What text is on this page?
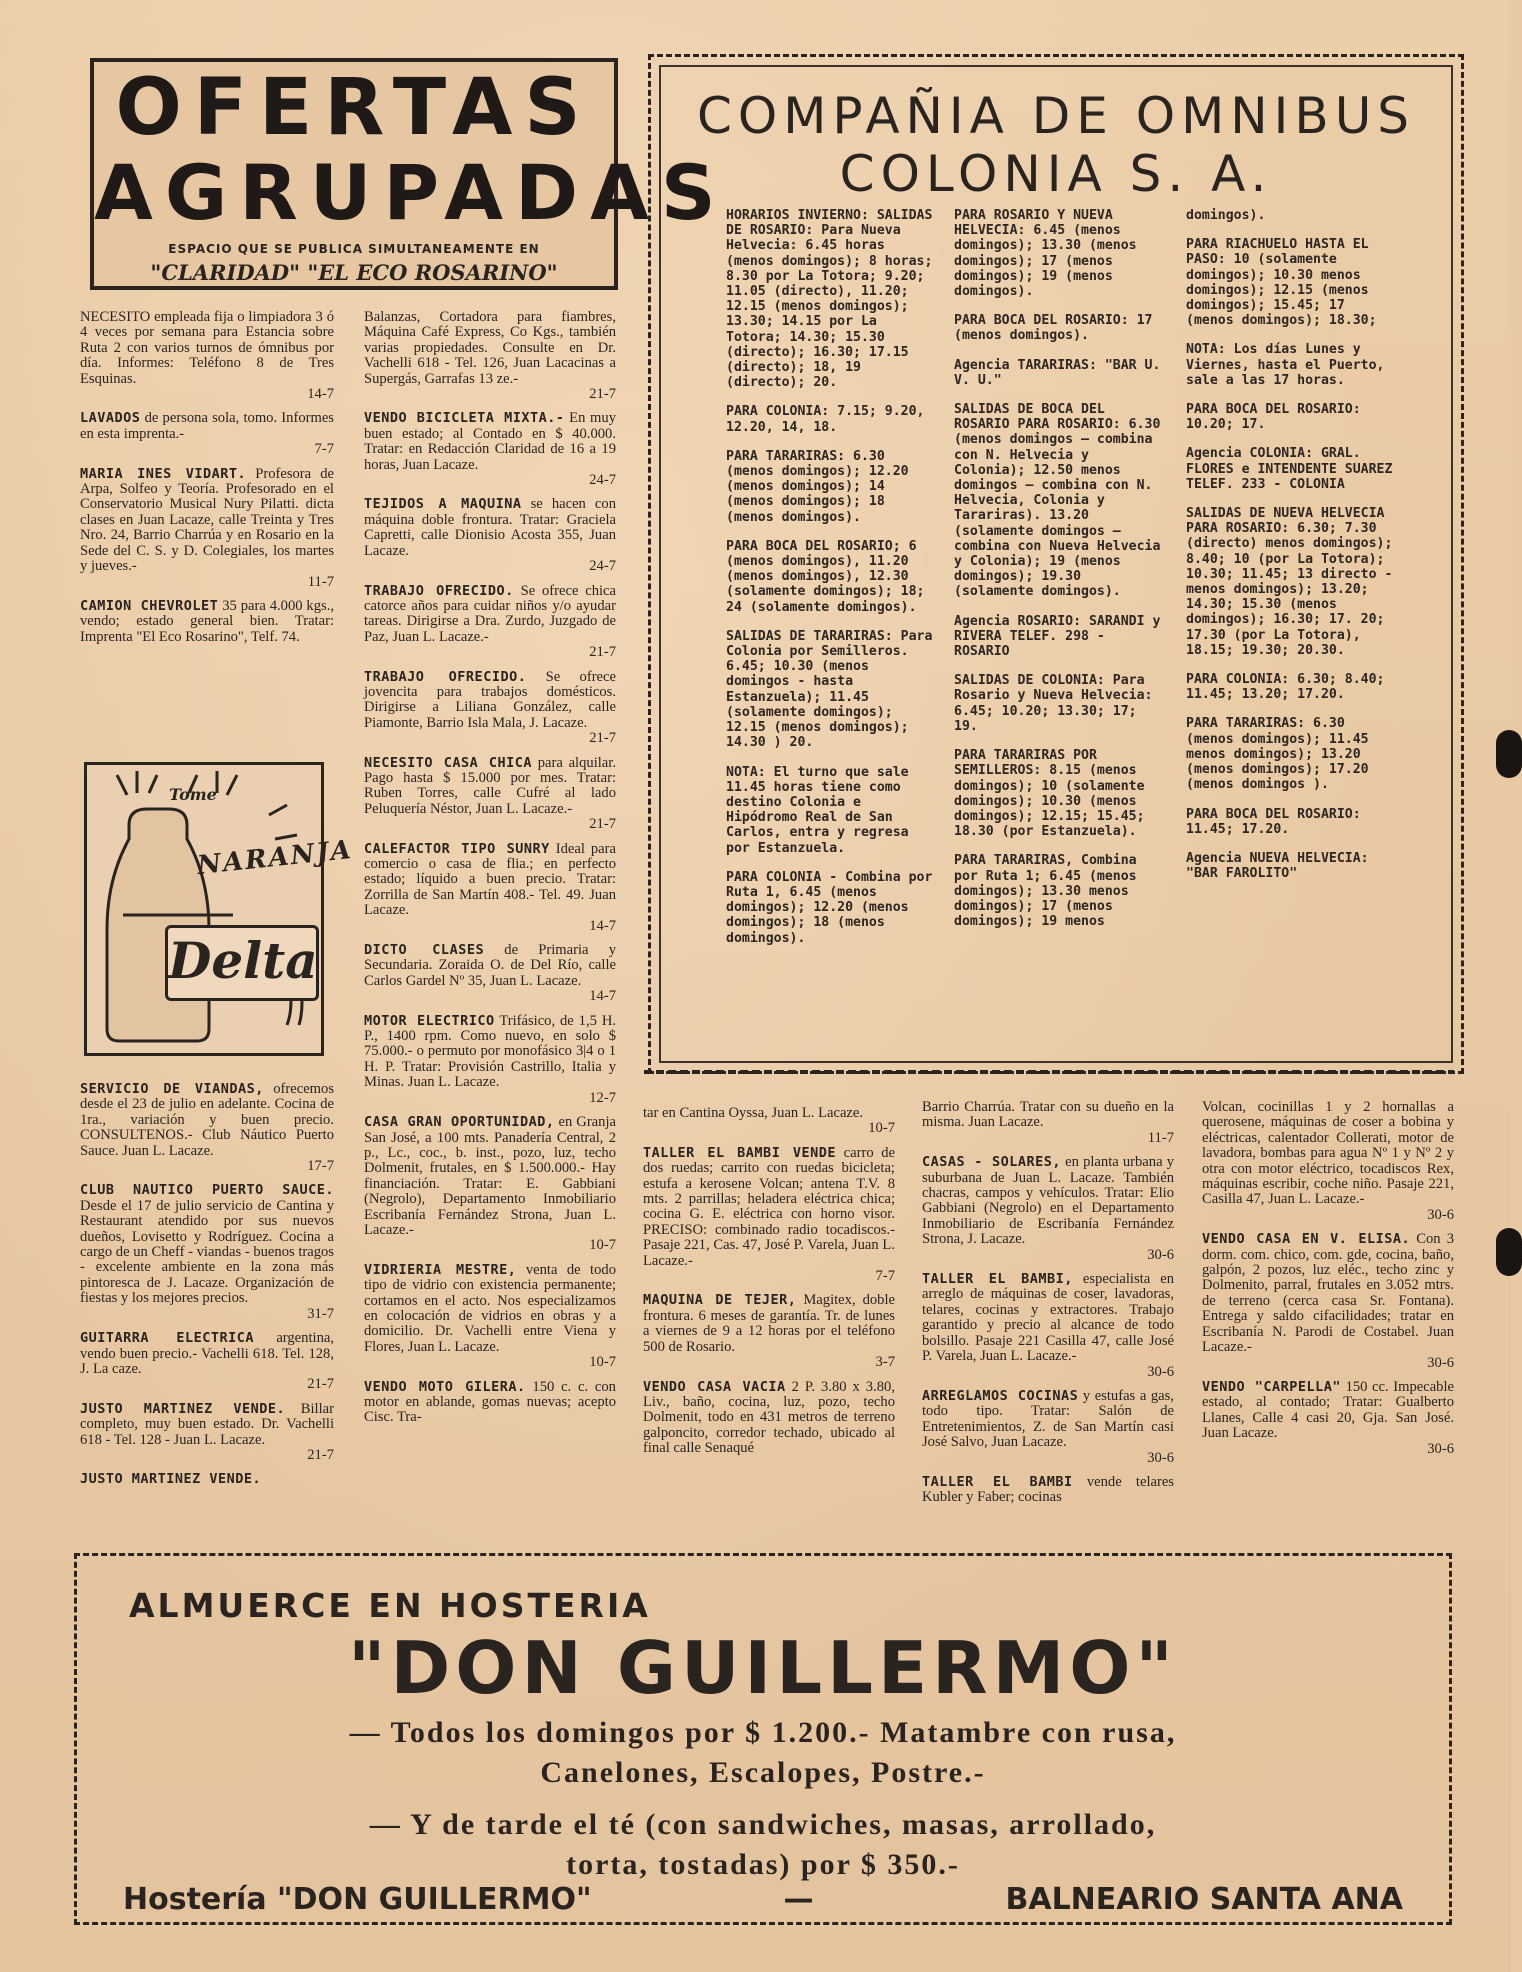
OFERTAS
AGRUPADAS
ESPACIO QUE SE PUBLICA SIMULTANEAMENTE EN
"CLARIDAD" "EL ECO ROSARINO"
NECESITO empleada fija o limpiadora 3 ó 4 veces por semana para Estancia sobre Ruta 2 con varios turnos de ómnibus por día. Informes: Teléfono 8 de Tres Esquinas.
14-7
LAVADOS de persona sola, tomo. Informes en esta imprenta.-
7-7
MARIA INES VIDART. Profesora de Arpa, Solfeo y Teoría. Profesorado en el Conservatorio Musical Nury Pilatti. dicta clases en Juan Lacaze, calle Treinta y Tres Nro. 24, Barrio Charrúa y en Rosario en la Sede del C. S. y D. Colegiales, los martes y jueves.-
11-7
CAMION CHEVROLET 35 para 4.000 kgs., vendo; estado general bien. Tratar: Imprenta "El Eco Rosarino", Telf. 74.
Tome
NARANJA
Delta
SERVICIO DE VIANDAS, ofrecemos desde el 23 de julio en adelante. Cocina de 1ra., variación y buen precio. CONSULTENOS.- Club Náutico Puerto Sauce. Juan L. Lacaze.
17-7
CLUB NAUTICO PUERTO SAUCE. Desde el 17 de julio servicio de Cantina y Restaurant atendido por sus nuevos dueños, Lovisetto y Rodríguez. Cocina a cargo de un Cheff - viandas - buenos tragos - excelente ambiente en la zona más pintoresca de J. Lacaze. Organización de fiestas y los mejores precios.
31-7
GUITARRA ELECTRICA argentina, vendo buen precio.- Vachelli 618. Tel. 128, J. La caze.
21-7
JUSTO MARTINEZ VENDE. Billar completo, muy buen estado. Dr. Vachelli 618 - Tel. 128 - Juan L. Lacaze.
21-7
JUSTO MARTINEZ VENDE.
Balanzas, Cortadora para fiambres, Máquina Café Express, Co Kgs., también varias propiedades. Consulte en Dr. Vachelli 618 - Tel. 126, Juan Lacacinas a Supergás, Garrafas 13 ze.-
21-7
VENDO BICICLETA MIXTA.- En muy buen estado; al Contado en $ 40.000. Tratar: en Redacción Claridad de 16 a 19 horas, Juan Lacaze.
24-7
TEJIDOS A MAQUINA se hacen con máquina doble frontura. Tratar: Graciela Capretti, calle Dionisio Acosta 355, Juan Lacaze.
24-7
TRABAJO OFRECIDO. Se ofrece chica catorce años para cuidar niños y/o ayudar tareas. Dirigirse a Dra. Zurdo, Juzgado de Paz, Juan L. Lacaze.-
21-7
TRABAJO OFRECIDO. Se ofrece jovencita para trabajos domésticos. Dirigirse a Liliana González, calle Piamonte, Barrio Isla Mala, J. Lacaze.
21-7
NECESITO CASA CHICA para alquilar. Pago hasta $ 15.000 por mes. Tratar: Ruben Torres, calle Cufré al lado Peluquería Néstor, Juan L. Lacaze.-
21-7
CALEFACTOR TIPO SUNRY Ideal para comercio o casa de flia.; en perfecto estado; líquido a buen precio. Tratar: Zorrilla de San Martín 408.- Tel. 49. Juan Lacaze.
14-7
DICTO CLASES de Primaria y Secundaria. Zoraida O. de Del Río, calle Carlos Gardel Nº 35, Juan L. Lacaze.
14-7
MOTOR ELECTRICO Trifásico, de 1,5 H. P., 1400 rpm. Como nuevo, en solo $ 75.000.- o permuto por monofásico 3|4 o 1 H. P. Tratar: Provisión Castrillo, Italia y Minas. Juan L. Lacaze.
12-7
CASA GRAN OPORTUNIDAD, en Granja San José, a 100 mts. Panadería Central, 2 p., Lc., coc., b. inst., pozo, luz, techo Dolmenit, frutales, en $ 1.500.000.- Hay financiación. Tratar: E. Gabbiani (Negrolo), Departamento Inmobiliario Escribanía Fernández Strona, Juan L. Lacaze.-
10-7
VIDRIERIA MESTRE, venta de todo tipo de vidrio con existencia permanente; cortamos en el acto. Nos especializamos en colocación de vidrios en obras y a domicilio. Dr. Vachelli entre Viena y Flores, Juan L. Lacaze.
10-7
VENDO MOTO GILERA. 150 c. c. con motor en ablande, gomas nuevas; acepto Cisc. Tra-
COMPAÑIA DE OMNIBUS
COLONIA S. A.
HORARIOS INVIERNO: SALIDAS DE ROSARIO: Para Nueva Helvecia: 6.45 horas (menos domingos); 8 horas; 8.30 por La Totora; 9.20; 11.05 (directo), 11.20; 12.15 (menos domingos); 13.30; 14.15 por La Totora; 14.30; 15.30 (directo); 16.30; 17.15 (directo); 18, 19 (directo); 20.
PARA COLONIA: 7.15; 9.20, 12.20, 14, 18.
PARA TARARIRAS: 6.30 (menos domingos); 12.20 (menos domingos); 14 (menos domingos); 18 (menos domingos).
PARA BOCA DEL ROSARIO; 6 (menos domingos), 11.20 (menos domingos), 12.30 (solamente domingos); 18; 24 (solamente domingos).
SALIDAS DE TARARIRAS: Para Colonia por Semilleros. 6.45; 10.30 (menos domingos - hasta Estanzuela); 11.45 (solamente domingos); 12.15 (menos domingos); 14.30 ) 20.
NOTA: El turno que sale 11.45 horas tiene como destino Colonia e Hipódromo Real de San Carlos, entra y regresa por Estanzuela.
PARA COLONIA - Combina por Ruta 1, 6.45 (menos domingos); 12.20 (menos domingos); 18 (menos domingos).
PARA ROSARIO Y NUEVA HELVECIA: 6.45 (menos domingos); 13.30 (menos domingos); 17 (menos domingos); 19 (menos domingos).
PARA BOCA DEL ROSARIO: 17 (menos domingos).
Agencia TARARIRAS: "BAR U. V. U."
SALIDAS DE BOCA DEL ROSARIO PARA ROSARIO: 6.30 (menos domingos — combina con N. Helvecia y Colonia); 12.50 menos domingos — combina con N. Helvecia, Colonia y Tarariras). 13.20 (solamente domingos — combina con Nueva Helvecia y Colonia); 19 (menos domingos); 19.30 (solamente domingos).
Agencia ROSARIO: SARANDI y RIVERA TELEF. 298 - ROSARIO
SALIDAS DE COLONIA: Para Rosario y Nueva Helvecia: 6.45; 10.20; 13.30; 17; 19.
PARA TARARIRAS POR SEMILLEROS: 8.15 (menos domingos); 10 (solamente domingos); 10.30 (menos domingos); 12.15; 15.45; 18.30 (por Estanzuela).
PARA TARARIRAS, Combina por Ruta 1; 6.45 (menos domingos); 13.30 menos domingos); 17 (menos domingos); 19 menos
domingos).
PARA RIACHUELO HASTA EL PASO: 10 (solamente domingos); 10.30 menos domingos); 12.15 (menos domingos); 15.45; 17 (menos domingos); 18.30;
NOTA: Los días Lunes y Viernes, hasta el Puerto, sale a las 17 horas.
PARA BOCA DEL ROSARIO: 10.20; 17.
Agencia COLONIA: GRAL. FLORES e INTENDENTE SUAREZ TELEF. 233 - COLONIA
SALIDAS DE NUEVA HELVECIA PARA ROSARIO: 6.30; 7.30 (directo) menos domingos); 8.40; 10 (por La Totora); 10.30; 11.45; 13 directo - menos domingos); 13.20; 14.30; 15.30 (menos domingos); 16.30; 17. 20; 17.30 (por La Totora), 18.15; 19.30; 20.30.
PARA COLONIA: 6.30; 8.40; 11.45; 13.20; 17.20.
PARA TARARIRAS: 6.30 (menos domingos); 11.45 menos domingos); 13.20 (menos domingos); 17.20 (menos domingos ).
PARA BOCA DEL ROSARIO: 11.45; 17.20.
Agencia NUEVA HELVECIA: "BAR FAROLITO"
tar en Cantina Oyssa, Juan L. Lacaze.
10-7
TALLER EL BAMBI VENDE carro de dos ruedas; carrito con ruedas bicicleta; estufa a kerosene Volcan; antena T.V. 8 mts. 2 parrillas; heladera eléctrica chica; cocina G. E. eléctrica con horno visor. PRECISO: combinado radio tocadiscos.- Pasaje 221, Cas. 47, José P. Varela, Juan L. Lacaze.-
7-7
MAQUINA DE TEJER, Magitex, doble frontura. 6 meses de garantía. Tr. de lunes a viernes de 9 a 12 horas por el teléfono 500 de Rosario.
3-7
VENDO CASA VACIA 2 P. 3.80 x 3.80, Liv., baño, cocina, luz, pozo, techo Dolmenit, todo en 431 metros de terreno galponcito, corredor techado, ubicado al final calle Senaqué
Barrio Charrúa. Tratar con su dueño en la misma. Juan Lacaze.
11-7
CASAS - SOLARES, en planta urbana y suburbana de Juan L. Lacaze. También chacras, campos y vehículos. Tratar: Elio Gabbiani (Negrolo) en el Departamento Inmobiliario de Escribanía Fernández Strona, J. Lacaze.
30-6
TALLER EL BAMBI, especialista en arreglo de máquinas de coser, lavadoras, telares, cocinas y extractores. Trabajo garantido y precio al alcance de todo bolsillo. Pasaje 221 Casilla 47, calle José P. Varela, Juan L. Lacaze.-
30-6
ARREGLAMOS COCINAS y estufas a gas, todo tipo. Tratar: Salón de Entretenimientos, Z. de San Martín casi José Salvo, Juan Lacaze.
30-6
TALLER EL BAMBI vende telares Kubler y Faber; cocinas
Volcan, cocinillas 1 y 2 hornallas a querosene, máquinas de coser a bobina y eléctricas, calentador Collerati, motor de lavadora, bombas para agua Nº 1 y Nº 2 y otra con motor eléctrico, tocadiscos Rex, máquinas escribir, coche niño. Pasaje 221, Casilla 47, Juan L. Lacaze.-
30-6
VENDO CASA EN V. ELISA. Con 3 dorm. com. chico, com. gde, cocina, baño, galpón, 2 pozos, luz eléc., techo zinc y Dolmenito, parral, frutales en 3.052 mtrs. de terreno (cerca casa Sr. Fontana). Entrega y saldo cifacilidades; tratar en Escribanía N. Parodi de Costabel. Juan Lacaze.-
30-6
VENDO "CARPELLA" 150 cc. Impecable estado, al contado; Tratar: Gualberto Llanes, Calle 4 casi 20, Gja. San José. Juan Lacaze.
30-6
ALMUERCE EN HOSTERIA
"DON GUILLERMO"
— Todos los domingos por $ 1.200.- Matambre con rusa,
Canelones, Escalopes, Postre.-
— Y de tarde el té (con sandwiches, masas, arrollado,
torta, tostadas) por $ 350.-
Hostería "DON GUILLERMO"	—	BALNEARIO SANTA ANA
